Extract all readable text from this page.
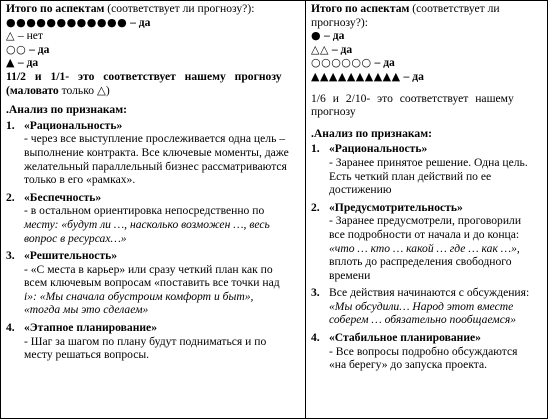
Итого по аспектам (соответствует ли прогнозу?):
●●●●●●●●●●●● – да
△ – нет
○○ – да
▲ – да
11/2 и 1/1- это соответствует нашему прогнозу
(маловато только △)
.Анализ по признакам:
1. «Рациональность»
- через все выступление прослеживается одна цель –
выполнение контракта. Все ключевые моменты, даже
желательный параллельный бизнес рассматриваются
только в его «рамках».
2. «Беспечность»
- в остальном ориентировка непосредственно по
месту: «будут ли …, насколько возможен …, весь
вопрос в ресурсах…»
3. «Решительность»
- «С места в карьер» или сразу четкий план как по
всем ключевым вопросам «поставить все точки над
i»: «Мы сначала обустроим комфорт и быт»,
«тогда мы это сделаем»
4. «Этапное планирование»
- Шаг за шагом по плану будут подниматься и по
месту решаться вопросы.
Итого по аспектам (соответствует ли
прогнозу?):
● – да
△△ – да
○○○○○○ – да
▲▲▲▲▲▲▲▲▲▲ – да
1/6 и 2/10- это соответствует нашему
прогнозу
.Анализ по признакам:
1. «Рациональность»
- Заранее принятое решение. Одна цель.
Есть четкий план действий по ее
достижению
2. «Предусмотрительность»
- Заранее предусмотрели, проговорили
все подробности от начала и до конца:
«что … кто … какой … где … как …»,
вплоть до распределения свободного
времени
3. Все действия начинаются с обсуждения:
«Мы обсудили… Народ этот вместе
соберем … обязательно пообщаемся»
4. «Стабильное планирование»
- Все вопросы подробно обсуждаются
«на берегу» до запуска проекта.
